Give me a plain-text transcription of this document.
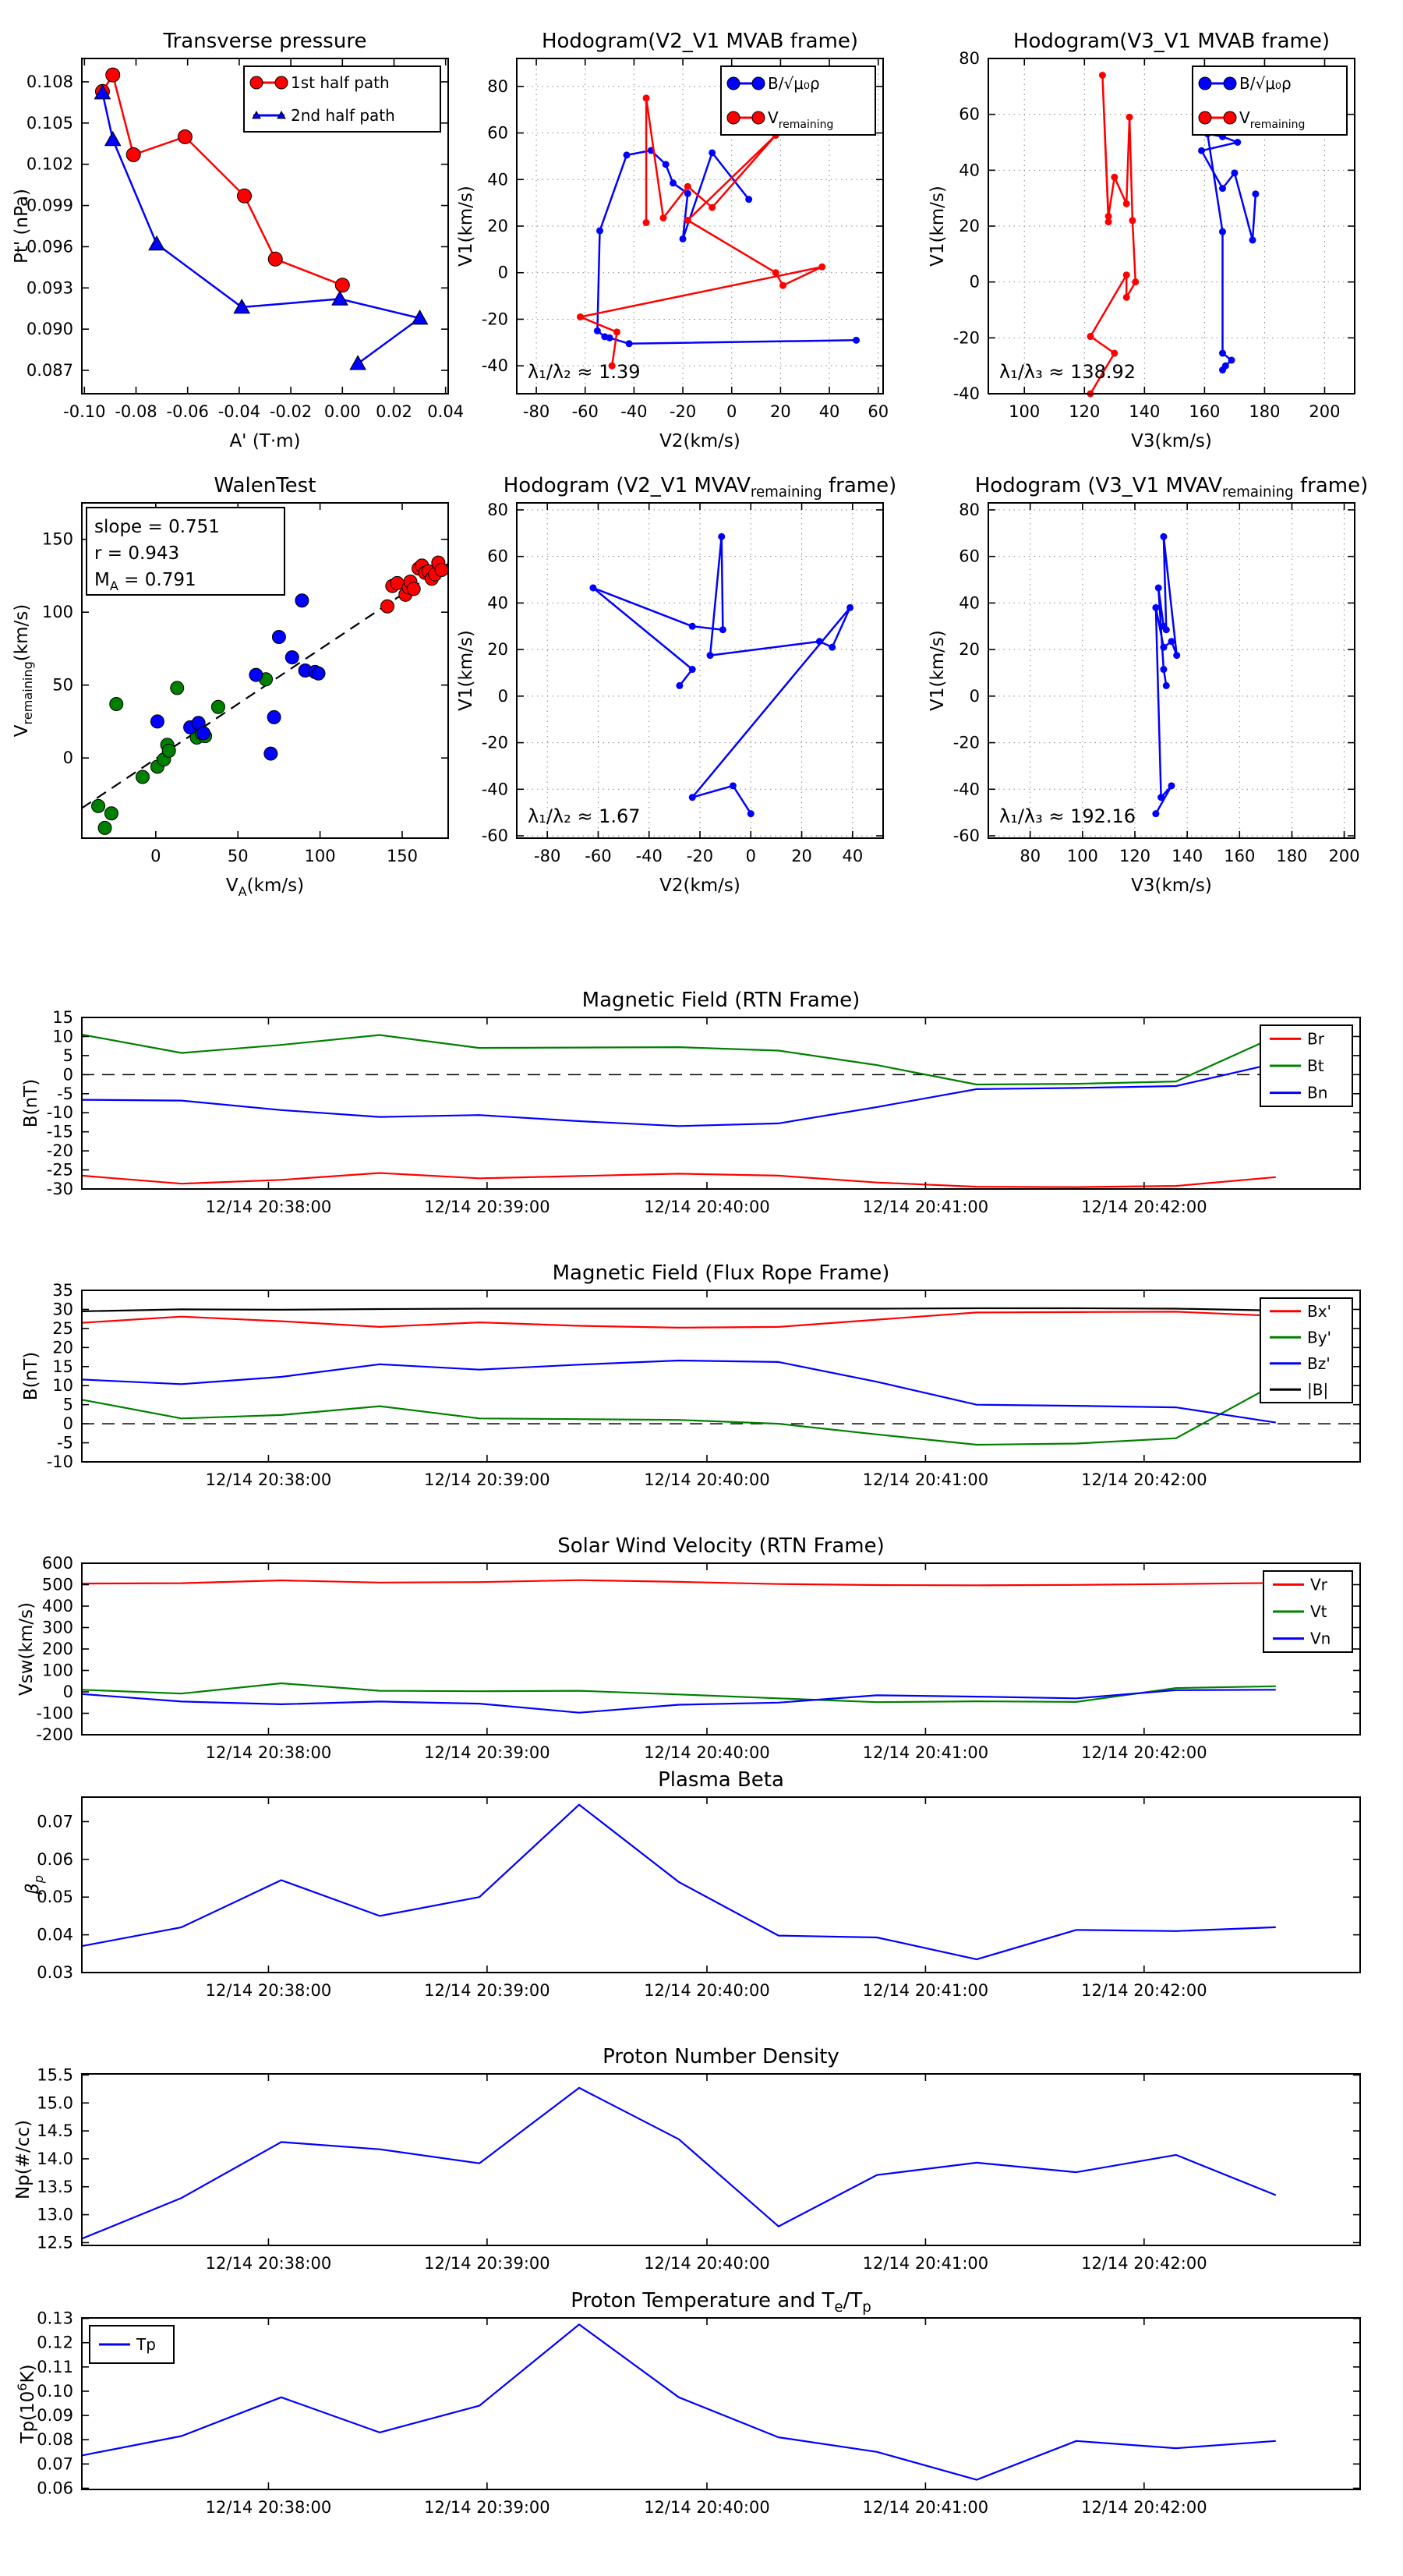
-0.10 -0.08 -0.06 -0.04 -0.02 0.00 0.02 0.04
0.087
0.090
0.093
0.096
0.099
0.102
0.105
0.108
Transverse pressure
A' (T·m)
Pt' (nPa)
1st half path
2nd half path
-80 -60 -40 -20 0 20 40 60
-40
-20
0
20
40
60
80
Hodogram(V2_V1 MVAB frame)
V2(km/s)
V1(km/s)
λ₁/λ₂ ≈ 1.39
B/√μ₀ρ
$V_{remaining}$
100 120 140 160 180 200
-40
-20
0
20
40
60
80
Hodogram(V3_V1 MVAB frame)
V3(km/s)
V1(km/s)
λ₁/λ₃ ≈ 138.92
B/√μ₀ρ
$V_{remaining}$
0	50	100	150
0
50
100
150
WalenTest
$V_A(km/s)$
$V_{remaining}(km/s)$
slope = 0.751
r = 0.943
$M_A = 0.791$
-80 -60 -40 -20 0 20 40
-60
-40
-20
0
20
40
60
80
Hodogram (V2_V1 $MVAV_{remaining}$ frame)
V2(km/s)
V1(km/s)
λ₁/λ₂ ≈ 1.67
80 100 120 140 160 180 200
-60
-40
-20
0
20
40
60
80
Hodogram (V3_V1 $MVAV_{remaining}$ frame)
V3(km/s)
V1(km/s)
λ₁/λ₃ ≈ 192.16
12/14 20:38:00	12/14 20:39:00	12/14 20:40:00	12/14 20:41:00	12/14 20:42:00
15
10
5
0
-5
-10
-15
-20
-25
-30
Magnetic Field (RTN Frame)
B(nT)
Br
Bt
Bn
12/14 20:38:00	12/14 20:39:00	12/14 20:40:00	12/14 20:41:00	12/14 20:42:00
35
30
25
20
15
10
5
0
-5
-10
Magnetic Field (Flux Rope Frame)
B(nT)
Bx'
By'
Bz'
|B|
12/14 20:38:00	12/14 20:39:00	12/14 20:40:00	12/14 20:41:00	12/14 20:42:00
600
500
400
300
200
100
0
-100
-200
Solar Wind Velocity (RTN Frame)
Vsw(km/s)
Vr
Vt
Vn
12/14 20:38:00	12/14 20:39:00	12/14 20:40:00	12/14 20:41:00	12/14 20:42:00
0.07
0.06
0.05
0.04
0.03
Plasma Beta
$\beta_p$
12/14 20:38:00	12/14 20:39:00	12/14 20:40:00	12/14 20:41:00	12/14 20:42:00
15.5
15.0
14.5
14.0
13.5
13.0
12.5
Proton Number Density
Np(#/cc)
12/14 20:38:00	12/14 20:39:00	12/14 20:40:00	12/14 20:41:00	12/14 20:42:00
0.13
0.12
0.11
0.10
0.09
0.08
0.07
0.06
Proton Temperature and $T_e/T_p$
$Tp(10^6K)$
Tp
